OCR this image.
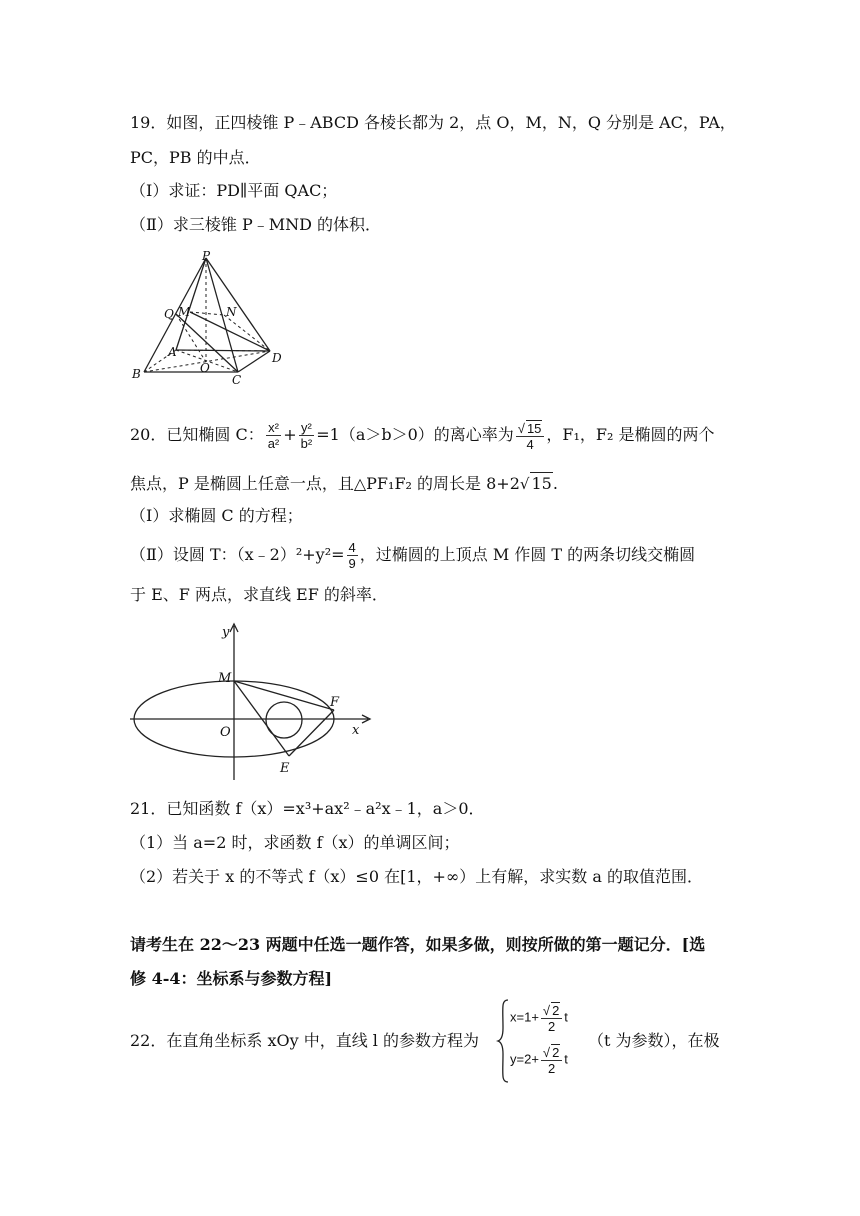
19．如图，正四棱锥 P﹣ABCD 各棱长都为 2，点 O，M，N，Q 分别是 AC，PA，
PC，PB 的中点．
（I）求证：PD∥平面 QAC；
（Ⅱ）求三棱锥 P﹣MND 的体积．
P
Q M	N
A
B	O
C
D
20．已知椭圆 C： $\frac{\text{x²}}{\text{a²}} + \frac{\text{y²}}{\text{b²}} =1(a>b>0)$的离心率为 $\frac{√ 15}{4}$ ，F₁，F₂ 是椭圆的两个
焦点，P 是椭圆上任意一点，且△PF₁F₂ 的周长是 8+2√ 15.
（Ⅰ）求椭圆 C 的方程；
（Ⅱ）设圆 T：（x﹣2）²+y²= $\frac{4}{9}$ ，过椭圆的上顶点 M 作圆 T 的两条切线交椭圆
于 E、F 两点，求直线 EF 的斜率．
y
x
M
O
F
E
21．已知函数 f（x）=x³+ax²﹣a²x﹣1，a＞0．
（1）当 a=2 时，求函数 f（x）的单调区间；
（2）若关于 x 的不等式 f（x）≤0 在[1，+∞）上有解，求实数 a 的取值范围．
请考生在 22～23 两题中任选一题作答，如果多做，则按所做的第一题记分．[选
修 4-4：坐标系与参数方程]
22．在直角坐标系 xOy 中，直线 l 的参数方程为
$x=1+ \frac{√ 2}{2}$ t
$y=2+ \frac{√ 2}{2}$ t
（t 为参数），在极
